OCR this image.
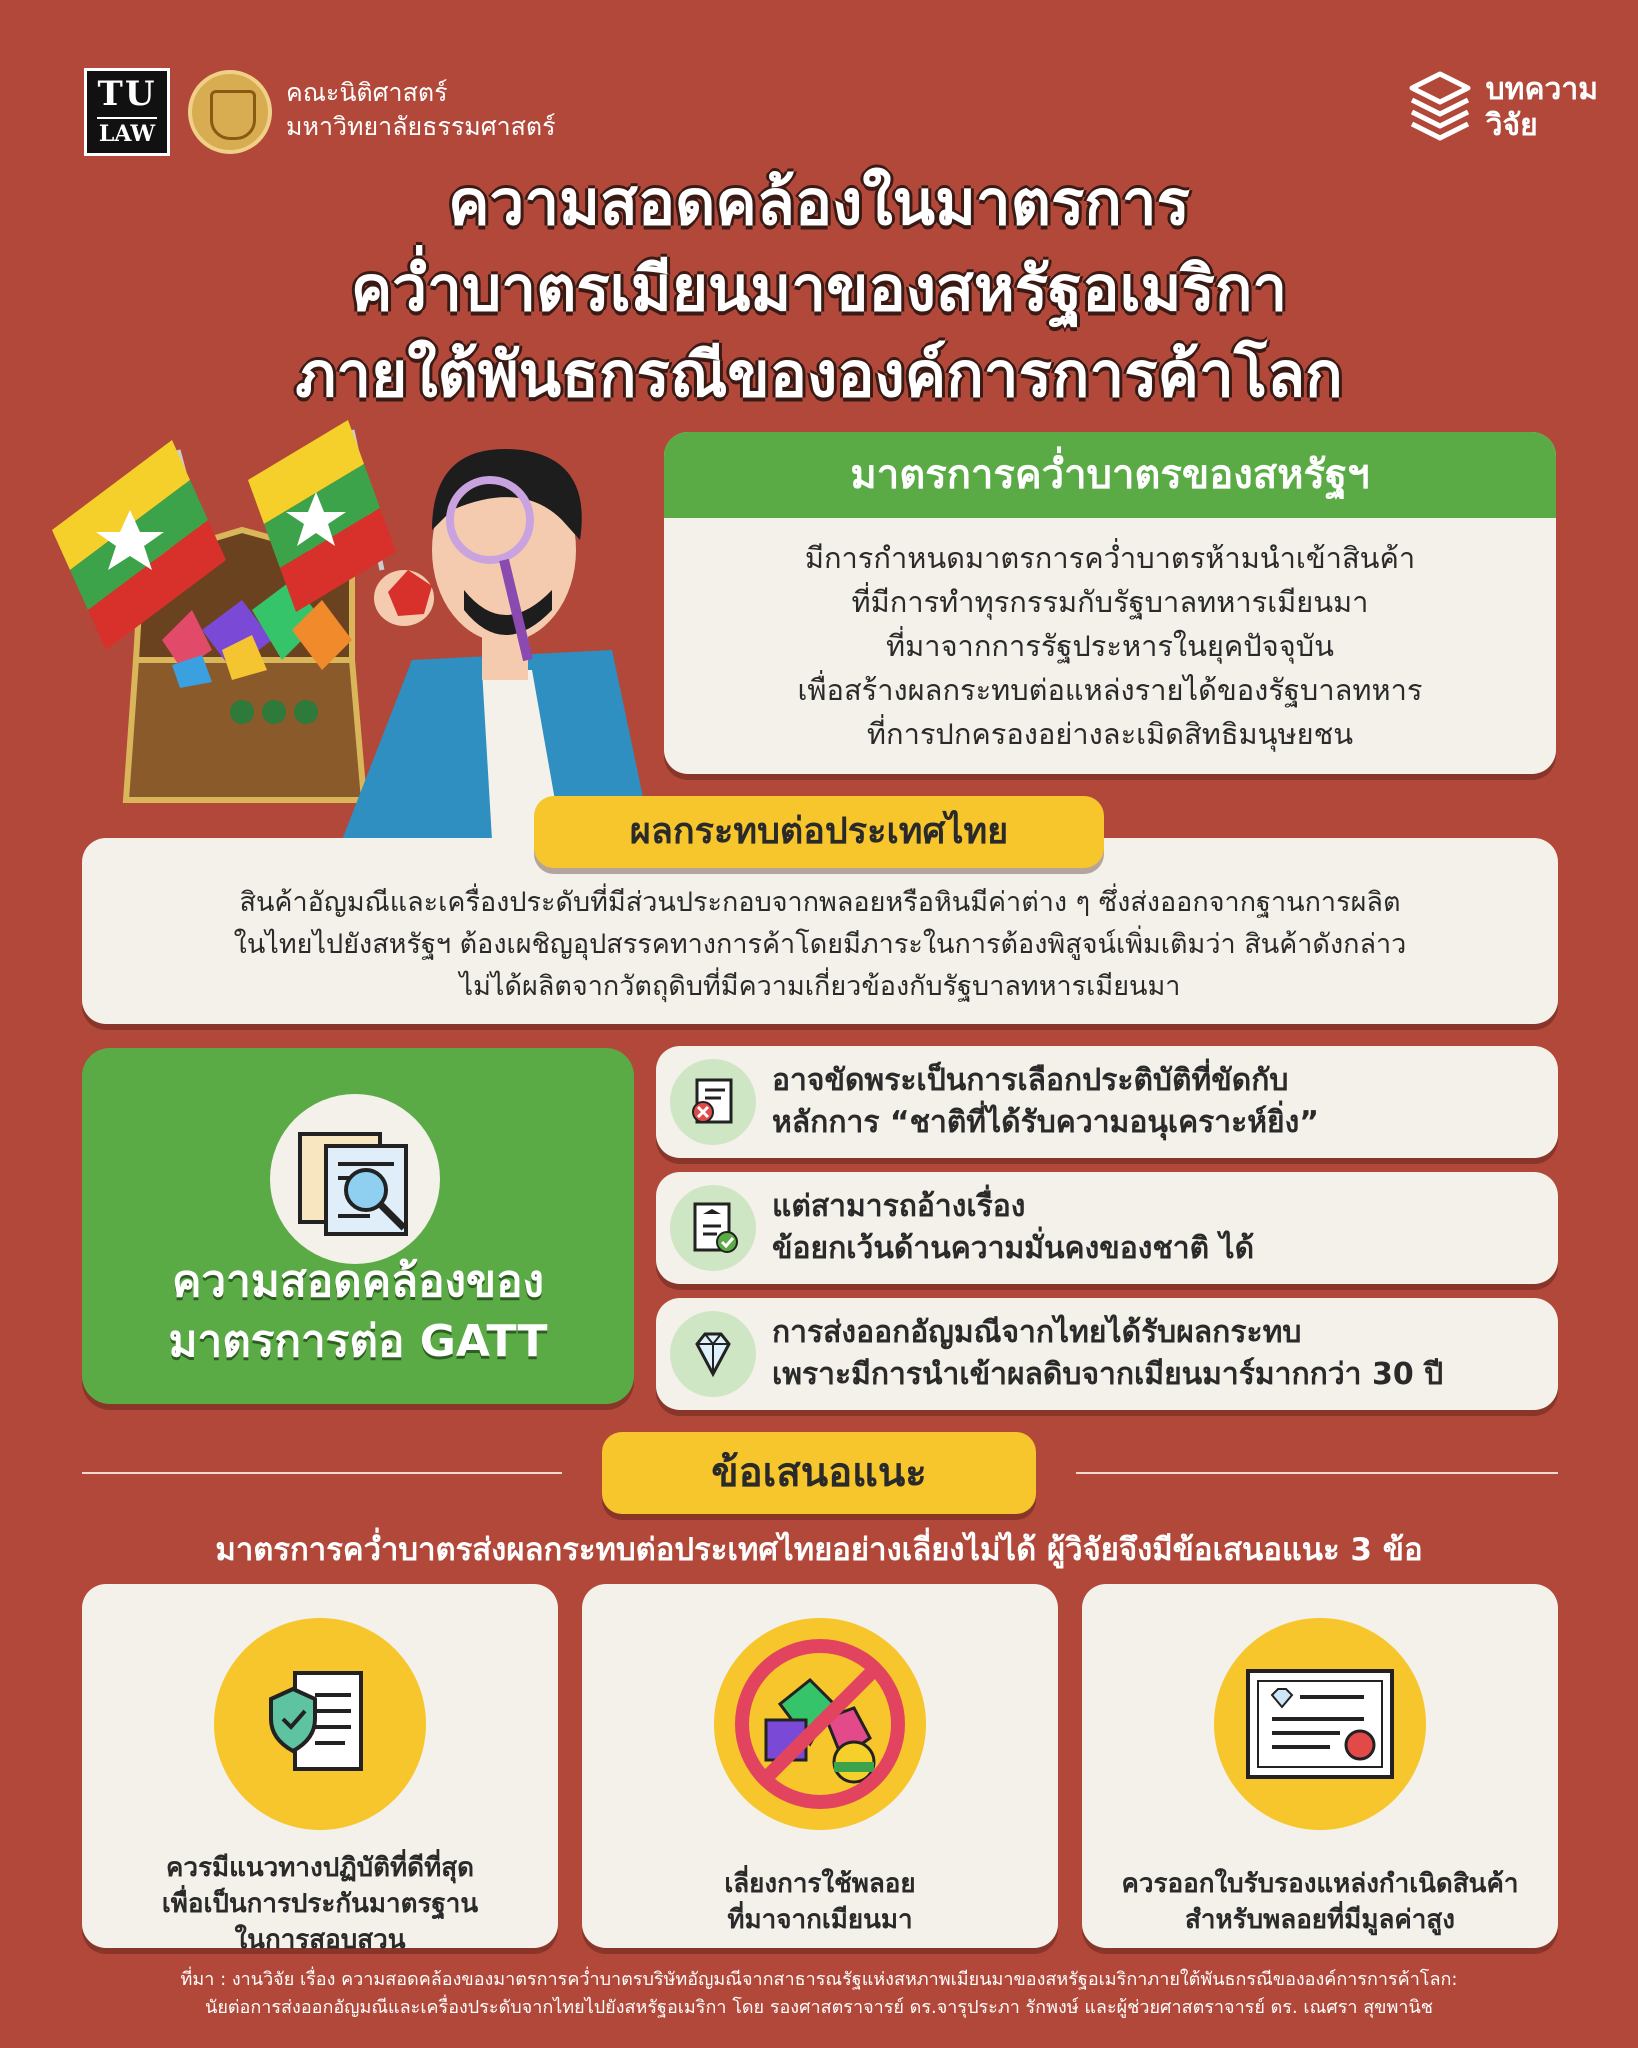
TU
LAW
คณะนิติศาสตร์
มหาวิทยาลัยธรรมศาสตร์
บทความ
วิจัย
ความสอดคล้องในมาตรการ
คว่ำบาตรเมียนมาของสหรัฐอเมริกา
ภายใต้พันธกรณีขององค์การการค้าโลก
มาตรการคว่ำบาตรของสหรัฐฯ
มีการกำหนดมาตรการคว่ำบาตรห้ามนำเข้าสินค้า
ที่มีการทำทุรกรรมกับรัฐบาลทหารเมียนมา
ที่มาจากการรัฐประหารในยุคปัจจุบัน
เพื่อสร้างผลกระทบต่อแหล่งรายได้ของรัฐบาลทหาร
ที่การปกครองอย่างละเมิดสิทธิมนุษยชน
ผลกระทบต่อประเทศไทย
สินค้าอัญมณีและเครื่องประดับที่มีส่วนประกอบจากพลอยหรือหินมีค่าต่าง ๆ ซึ่งส่งออกจากฐานการผลิต
ในไทยไปยังสหรัฐฯ ต้องเผชิญอุปสรรคทางการค้าโดยมีภาระในการต้องพิสูจน์เพิ่มเติมว่า สินค้าดังกล่าว
ไม่ได้ผลิตจากวัตถุดิบที่มีความเกี่ยวข้องกับรัฐบาลทหารเมียนมา
ความสอดคล้องของ
มาตรการต่อ GATT
อาจขัดพระเป็นการเลือกประติบัติที่ขัดกับ
หลักการ “ชาติที่ได้รับความอนุเคราะห์ยิ่ง”
แต่สามารถอ้างเรื่อง
ข้อยกเว้นด้านความมั่นคงของชาติ ได้
การส่งออกอัญมณีจากไทยได้รับผลกระทบ
เพราะมีการนำเข้าผลดิบจากเมียนมาร์มากกว่า 30 ปี
ข้อเสนอแนะ
มาตรการคว่ำบาตรส่งผลกระทบต่อประเทศไทยอย่างเลี่ยงไม่ได้ ผู้วิจัยจึงมีข้อเสนอแนะ 3 ข้อ
ควรมีแนวทางปฏิบัติที่ดีที่สุด
เพื่อเป็นการประกันมาตรฐาน
ในการสอบสวน
เลี่ยงการใช้พลอย
ที่มาจากเมียนมา
ควรออกใบรับรองแหล่งกำเนิดสินค้า
สำหรับพลอยที่มีมูลค่าสูง
ที่มา : งานวิจัย เรื่อง ความสอดคล้องของมาตรการคว่ำบาตรบริษัทอัญมณีจากสาธารณรัฐแห่งสหภาพเมียนมาของสหรัฐอเมริกาภายใต้พันธกรณีขององค์การการค้าโลก:
นัยต่อการส่งออกอัญมณีและเครื่องประดับจากไทยไปยังสหรัฐอเมริกา โดย รองศาสตราจารย์ ดร.จารุประภา รักพงษ์ และผู้ช่วยศาสตราจารย์ ดร. เณศรา สุขพานิช
